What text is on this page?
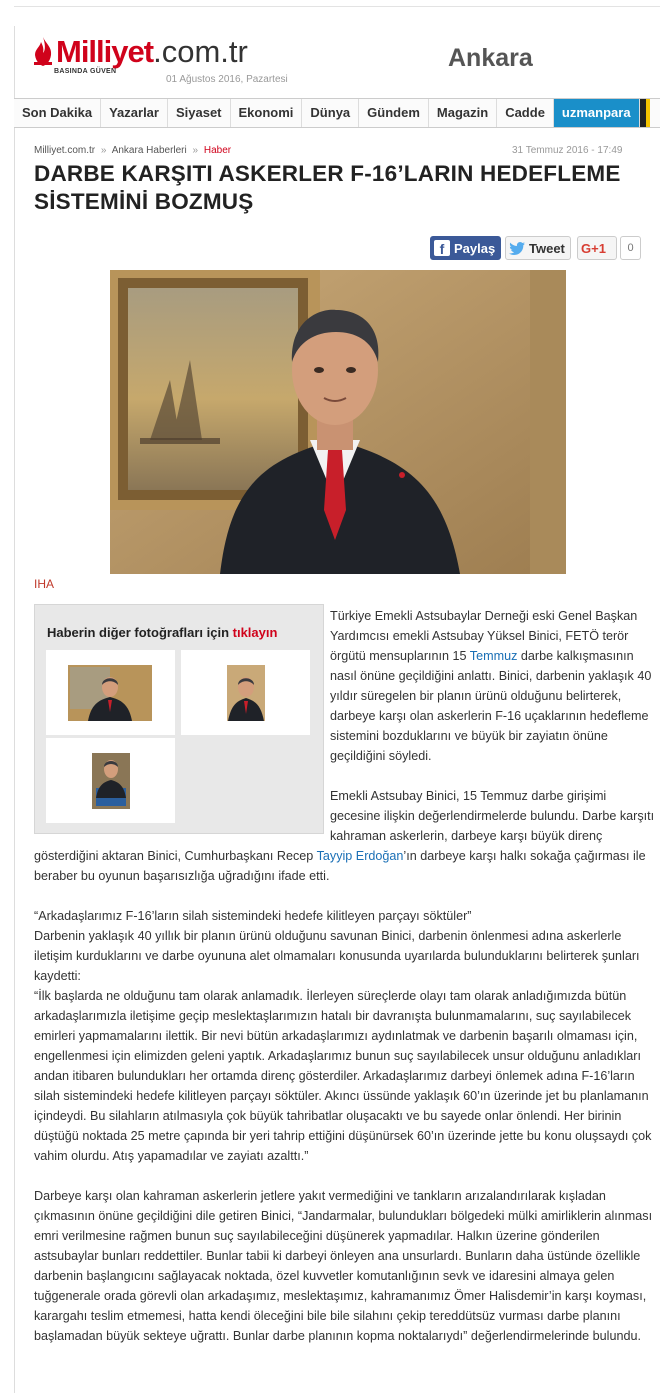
Milliyet.com.tr
BASINDA GÜVEN
01 Ağustos 2016, Pazartesi
Ankara
Son Dakika	Yazarlar	Siyaset	Ekonomi	Dünya	Gündem	Magazin	Cadde	uzmanpara
Milliyet.com.tr » Ankara Haberleri » Haber	31 Temmuz 2016 - 17:49
DARBE KARŞITI ASKERLER F-16’LARIN HEDEFLEME SİSTEMİNİ BOZMUŞ
f Paylaş	Tweet G+1	0
IHA
Haberin diğer fotoğrafları için tıklayın
Türkiye Emekli Astsubaylar Derneği eski Genel Başkan Yardımcısı emekli Astsubay Yüksel Binici, FETÖ terör örgütü mensuplarının 15 Temmuz darbe kalkışmasının nasıl önüne geçildiğini anlattı. Binici, darbenin yaklaşık 40 yıldır süregelen bir planın ürünü olduğunu belirterek, darbeye karşı olan askerlerin F-16 uçaklarının hedefleme sistemini bozduklarını ve büyük bir zayiatın önüne geçildiğini söyledi.
Emekli Astsubay Binici, 15 Temmuz darbe girişimi gecesine ilişkin değerlendirmelerde bulundu. Darbe karşıtı kahraman askerlerin, darbeye karşı büyük direnç gösterdiğini aktaran Binici, Cumhurbaşkanı Recep Tayyip Erdoğan’ın darbeye karşı halkı sokağa çağırması ile beraber bu oyunun başarısızlığa uğradığını ifade etti.
“Arkadaşlarımız F-16’ların silah sistemindeki hedefe kilitleyen parçayı söktüler”
Darbenin yaklaşık 40 yıllık bir planın ürünü olduğunu savunan Binici, darbenin önlenmesi adına askerlerle iletişim kurduklarını ve darbe oyununa alet olmamaları konusunda uyarılarda bulunduklarını belirterek şunları kaydetti:
“İlk başlarda ne olduğunu tam olarak anlamadık. İlerleyen süreçlerde olayı tam olarak anladığımızda bütün arkadaşlarımızla iletişime geçip meslektaşlarımızın hatalı bir davranışta bulunmamalarını, suç sayılabilecek emirleri yapmamalarını ilettik. Bir nevi bütün arkadaşlarımızı aydınlatmak ve darbenin başarılı olmaması için, engellenmesi için elimizden geleni yaptık. Arkadaşlarımız bunun suç sayılabilecek unsur olduğunu anladıkları andan itibaren bulundukları her ortamda direnç gösterdiler. Arkadaşlarımız darbeyi önlemek adına F-16’ların silah sistemindeki hedefe kilitleyen parçayı söktüler. Akıncı üssünde yaklaşık 60’ın üzerinde jet bu planlamanın içindeydi. Bu silahların atılmasıyla çok büyük tahribatlar oluşacaktı ve bu sayede onlar önlendi. Her birinin düştüğü noktada 25 metre çapında bir yeri tahrip ettiğini düşünürsek 60’ın üzerinde jette bu konu oluşsaydı çok vahim olurdu. Atış yapamadılar ve zayiatı azalttı.”
Darbeye karşı olan kahraman askerlerin jetlere yakıt vermediğini ve tankların arızalandırılarak kışladan çıkmasının önüne geçildiğini dile getiren Binici, “Jandarmalar, bulundukları bölgedeki mülki amirliklerin alınması emri verilmesine rağmen bunun suç sayılabileceğini düşünerek yapmadılar. Halkın üzerine gönderilen astsubaylar bunları reddettiler. Bunlar tabii ki darbeyi önleyen ana unsurlardı. Bunların daha üstünde özellikle darbenin başlangıcını sağlayacak noktada, özel kuvvetler komutanlığının sevk ve idaresini almaya gelen tuğgenerale orada görevli olan arkadaşımız, meslektaşımız, kahramanımız Ömer Halisdemir’in karşı koyması, karargahı teslim etmemesi, hatta kendi öleceğini bile bile silahını çekip tereddütsüz vurması darbe planını başlamadan büyük sekteye uğrattı. Bunlar darbe planının kopma noktalarıydı” değerlendirmelerinde bulundu.
